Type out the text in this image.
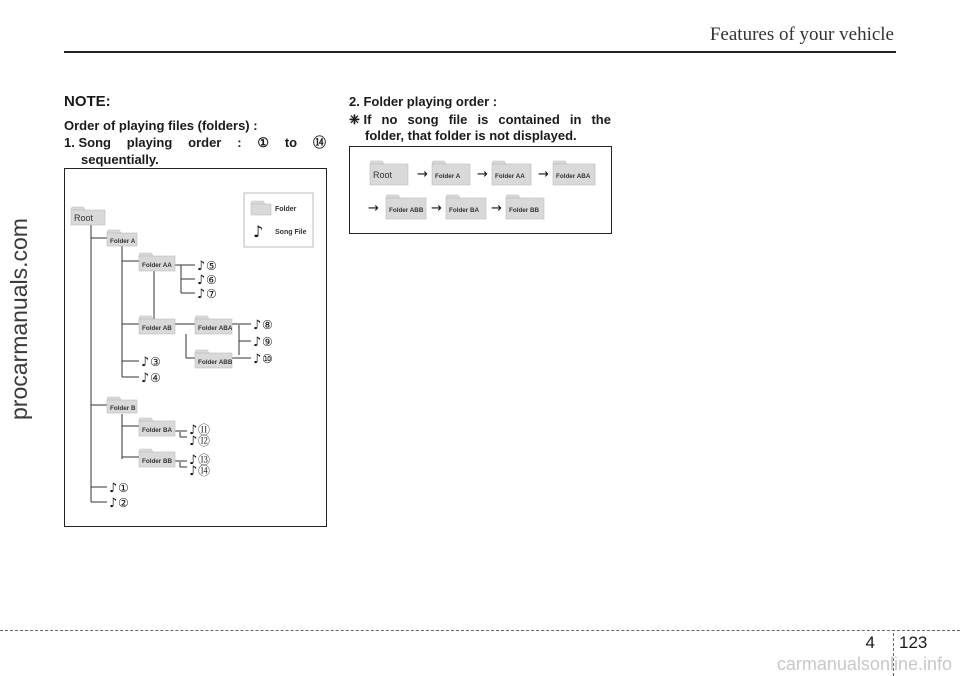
Features of your vehicle
procarmanuals.com
NOTE:
Order of playing files (folders) :
1. Song playing order : ① to ⑭
sequentially.
2. Folder playing order :
❈ If no song file is contained in the
folder, that folder is not displayed.
Folder
♪ Song File
Root
Folder A
Folder AA
Folder AB	Folder ABA
Folder ABB
Folder B
Folder BA
Folder BB
♪ ⑤
♪ ⑥
♪ ⑦
♪ ⑧
♪ ⑨
♪ ⑩
♪ ③
♪ ④
♪ ⑪
♪ ⑫
♪ ⑬
♪ ⑭
♪ ①
♪ ②
Root	Folder A
→	Folder AA
→	Folder ABA
→
→ Folder ABB	Folder BA
→	Folder BB
→
4 123
carmanualsonline.info
